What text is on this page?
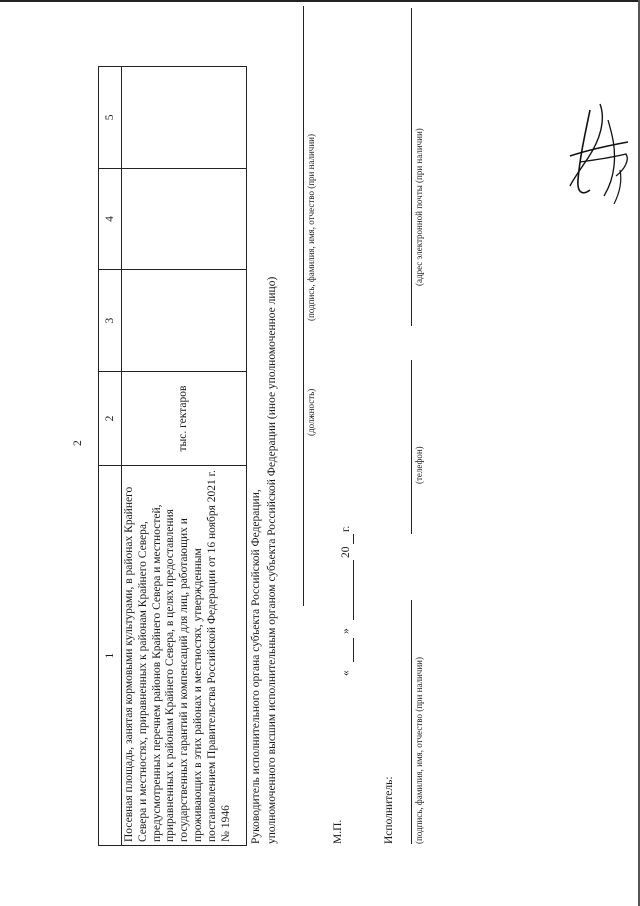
2
1	2	3	4	5
Посевная площадь, занятая кормовыми культурами, в районах Крайнего Севера и местностях, приравненных к районам Крайнего Севера, предусмотренных перечнем районов Крайнего Севера и местностей, приравненных к районам Крайнего Севера, в целях предоставления государственных гарантий и компенсаций для лиц, работающих и проживающих в этих районах и местностях, утвержденным постановлением Правительства Российской Федерации от 16 ноября 2021 г. № 1946	тыс. гектаров			
Руководитель исполнительного органа субъекта Российской Федерации, уполномоченного высшим исполнительным органом субъекта Российской Федерации (иное уполномоченное лицо)	(должность)
(подпись, фамилия, имя, отчество (при наличии)
М.П.
«
»
20
г.
Исполнитель: (подпись, фамилия, имя, отчество (при наличии)
(телефон)
(адрес электронной почты (при наличии)
